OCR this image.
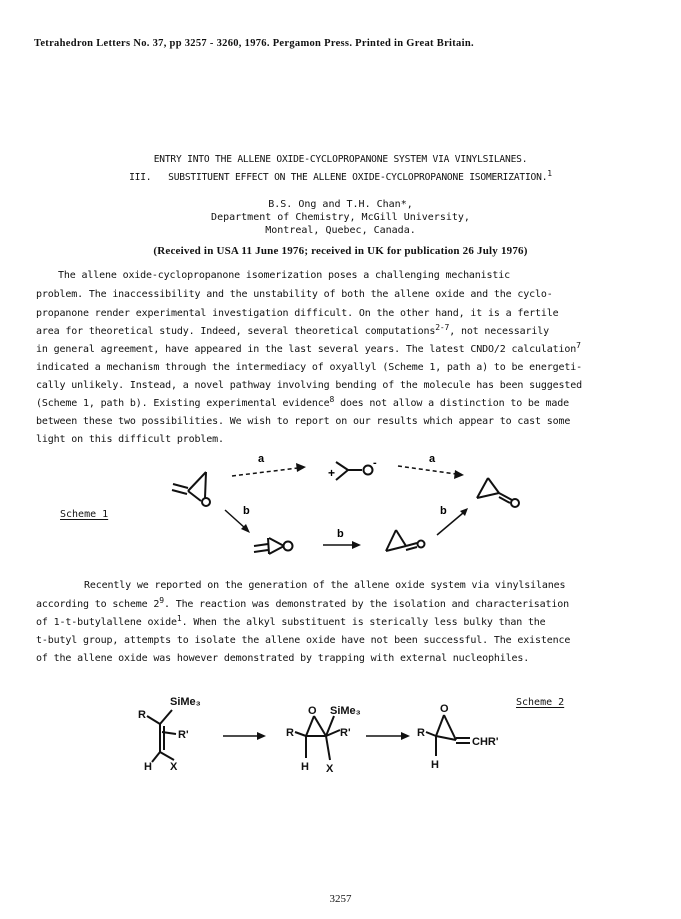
Tetrahedron Letters No. 37, pp 3257 - 3260, 1976. Pergamon Press. Printed in Great Britain.
ENTRY INTO THE ALLENE OXIDE-CYCLOPROPANONE SYSTEM VIA VINYLSILANES.
III. SUBSTITUENT EFFECT ON THE ALLENE OXIDE-CYCLOPROPANONE ISOMERIZATION.$^1$
B.S. Ong and T.H. Chan*,
Department of Chemistry, McGill University,
Montreal, Quebec, Canada.
(Received in USA 11 June 1976; received in UK for publication 26 July 1976)
The allene oxide-cyclopropanone isomerization poses a challenging mechanistic
problem. The inaccessibility and the unstability of both the allene oxide and the cyclo-
propanone render experimental investigation difficult. On the other hand, it is a fertile
area for theoretical study. Indeed, several theoretical computations$^{2-7}$, not necessarily
in general agreement, have appeared in the last several years. The latest CNDO/2 calculation$^7$
indicated a mechanism through the intermediacy of oxyallyl (Scheme 1, path a) to be energeti-
cally unlikely. Instead, a novel pathway involving bending of the molecule has been suggested
(Scheme 1, path b). Existing experimental evidence$^8$ does not allow a distinction to be made
between these two possibilities. We wish to report on our results which appear to cast some
light on this difficult problem.
Scheme 1
a	a
+
-
b
b
b
Recently we reported on the generation of the allene oxide system via vinylsilanes
according to scheme $2^9$. The reaction was demonstrated by the isolation and characterisation
of 1-t-butylallene oxide$^1$. When the alkyl substituent is sterically less bulky than the
t-butyl group, attempts to isolate the allene oxide have not been successful. The existence
of the allene oxide was however demonstrated by trapping with external nucleophiles.
Scheme 2
SiMe₃
R
R'
H X
O SiMe₃
R	R'
H X
O
R
CHR'
H
3257
